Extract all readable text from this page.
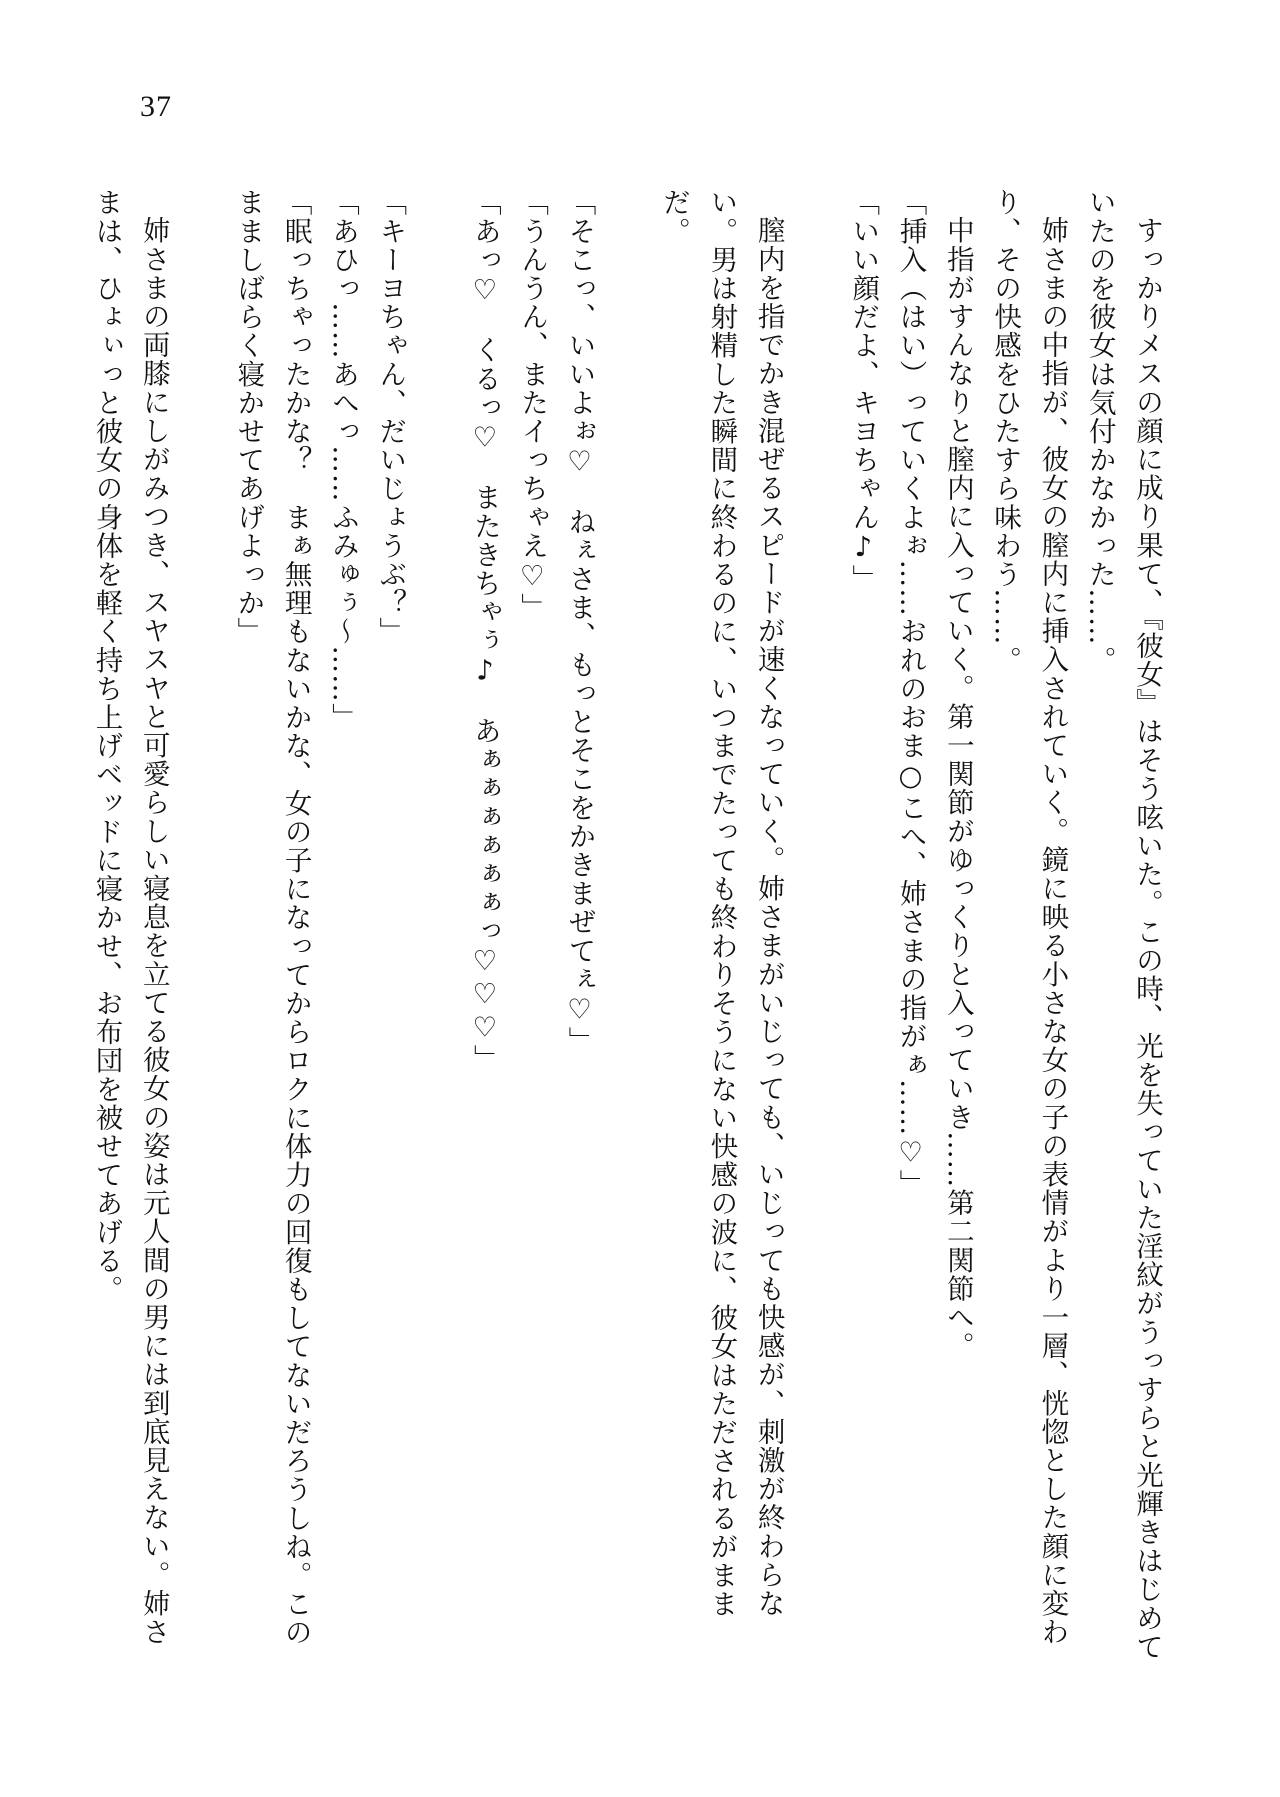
37

すっかりメスの顔に成り果て、『彼女』はそう呟いた。この時、光を失っていた淫紋がうっすらと光輝きはじめていたのを彼女は気付かなかった……。

姉さまの中指が、彼女の膣内に挿入されていく。鏡に映る小さな女の子の表情がより一層、恍惚とした顔に変わり、その快感をひたすら味わう……。

中指がすんなりと膣内に入っていく。第一関節がゆっくりと入っていき……第二関節へ。

「挿入（はい）っていくよぉ……おれのおま○こへ、姉さまの指がぁ……♡」

「いい顔だよ、キヨちゃん♪」

膣内を指でかき混ぜるスピードが速くなっていく。姉さまがいじっても、いじっても快感が、刺激が終わらない。男は射精した瞬間に終わるのに、いつまでたっても終わりそうにない快感の波に、彼女はただされるがままだ。

「そこっ、いいよぉ♡　ねぇさま、もっとそこをかきまぜてぇ♡」

「うんうん、またイっちゃえ♡」

「あっ♡　くるっ♡　またきちゃぅ♪　あぁぁぁぁぁぁっ♡♡♡」

「キーヨちゃん、だいじょうぶ？」

「あひっ……あへっ……ふみゅぅ～……」

「眠っちゃったかな？　まぁ無理もないかな、女の子になってからロクに体力の回復もしてないだろうしね。このまましばらく寝かせてあげよっか」

姉さまの両膝にしがみつき、スヤスヤと可愛らしい寝息を立てる彼女の姿は元人間の男には到底見えない。姉さまは、ひょぃっと彼女の身体を軽く持ち上げベッドに寝かせ、お布団を被せてあげる。
